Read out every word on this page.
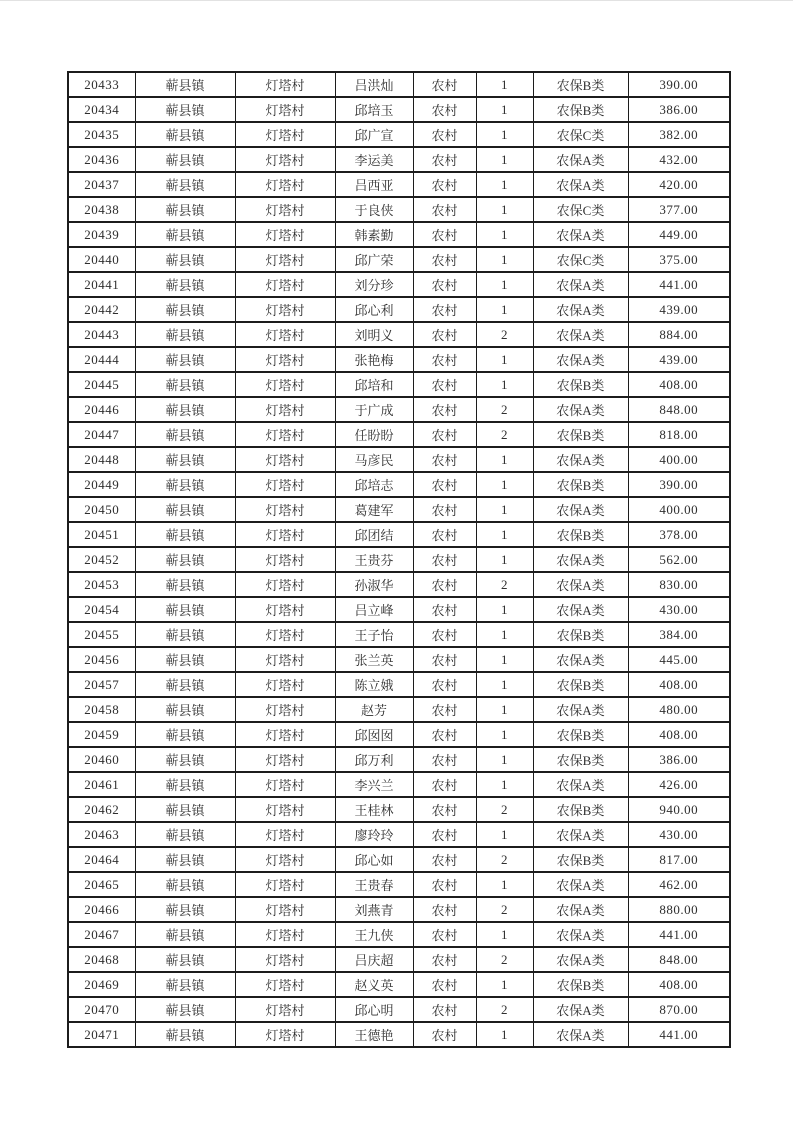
20433	蕲县镇	灯塔村	吕洪灿	农村	1	农保B类	390.00
20434	蕲县镇	灯塔村	邱培玉	农村	1	农保B类	386.00
20435	蕲县镇	灯塔村	邱广宣	农村	1	农保C类	382.00
20436	蕲县镇	灯塔村	李运美	农村	1	农保A类	432.00
20437	蕲县镇	灯塔村	吕西亚	农村	1	农保A类	420.00
20438	蕲县镇	灯塔村	于良侠	农村	1	农保C类	377.00
20439	蕲县镇	灯塔村	韩素勤	农村	1	农保A类	449.00
20440	蕲县镇	灯塔村	邱广荣	农村	1	农保C类	375.00
20441	蕲县镇	灯塔村	刘分珍	农村	1	农保A类	441.00
20442	蕲县镇	灯塔村	邱心利	农村	1	农保A类	439.00
20443	蕲县镇	灯塔村	刘明义	农村	2	农保A类	884.00
20444	蕲县镇	灯塔村	张艳梅	农村	1	农保A类	439.00
20445	蕲县镇	灯塔村	邱培和	农村	1	农保B类	408.00
20446	蕲县镇	灯塔村	于广成	农村	2	农保A类	848.00
20447	蕲县镇	灯塔村	任盼盼	农村	2	农保B类	818.00
20448	蕲县镇	灯塔村	马彦民	农村	1	农保A类	400.00
20449	蕲县镇	灯塔村	邱培志	农村	1	农保B类	390.00
20450	蕲县镇	灯塔村	葛建军	农村	1	农保A类	400.00
20451	蕲县镇	灯塔村	邱团结	农村	1	农保B类	378.00
20452	蕲县镇	灯塔村	王贵芬	农村	1	农保A类	562.00
20453	蕲县镇	灯塔村	孙淑华	农村	2	农保A类	830.00
20454	蕲县镇	灯塔村	吕立峰	农村	1	农保A类	430.00
20455	蕲县镇	灯塔村	王子怡	农村	1	农保B类	384.00
20456	蕲县镇	灯塔村	张兰英	农村	1	农保A类	445.00
20457	蕲县镇	灯塔村	陈立娥	农村	1	农保B类	408.00
20458	蕲县镇	灯塔村	赵芳	农村	1	农保A类	480.00
20459	蕲县镇	灯塔村	邱囡囡	农村	1	农保B类	408.00
20460	蕲县镇	灯塔村	邱万利	农村	1	农保B类	386.00
20461	蕲县镇	灯塔村	李兴兰	农村	1	农保A类	426.00
20462	蕲县镇	灯塔村	王桂林	农村	2	农保B类	940.00
20463	蕲县镇	灯塔村	廖玲玲	农村	1	农保A类	430.00
20464	蕲县镇	灯塔村	邱心如	农村	2	农保B类	817.00
20465	蕲县镇	灯塔村	王贵春	农村	1	农保A类	462.00
20466	蕲县镇	灯塔村	刘燕青	农村	2	农保A类	880.00
20467	蕲县镇	灯塔村	王九侠	农村	1	农保A类	441.00
20468	蕲县镇	灯塔村	吕庆超	农村	2	农保A类	848.00
20469	蕲县镇	灯塔村	赵义英	农村	1	农保B类	408.00
20470	蕲县镇	灯塔村	邱心明	农村	2	农保A类	870.00
20471	蕲县镇	灯塔村	王德艳	农村	1	农保A类	441.00
